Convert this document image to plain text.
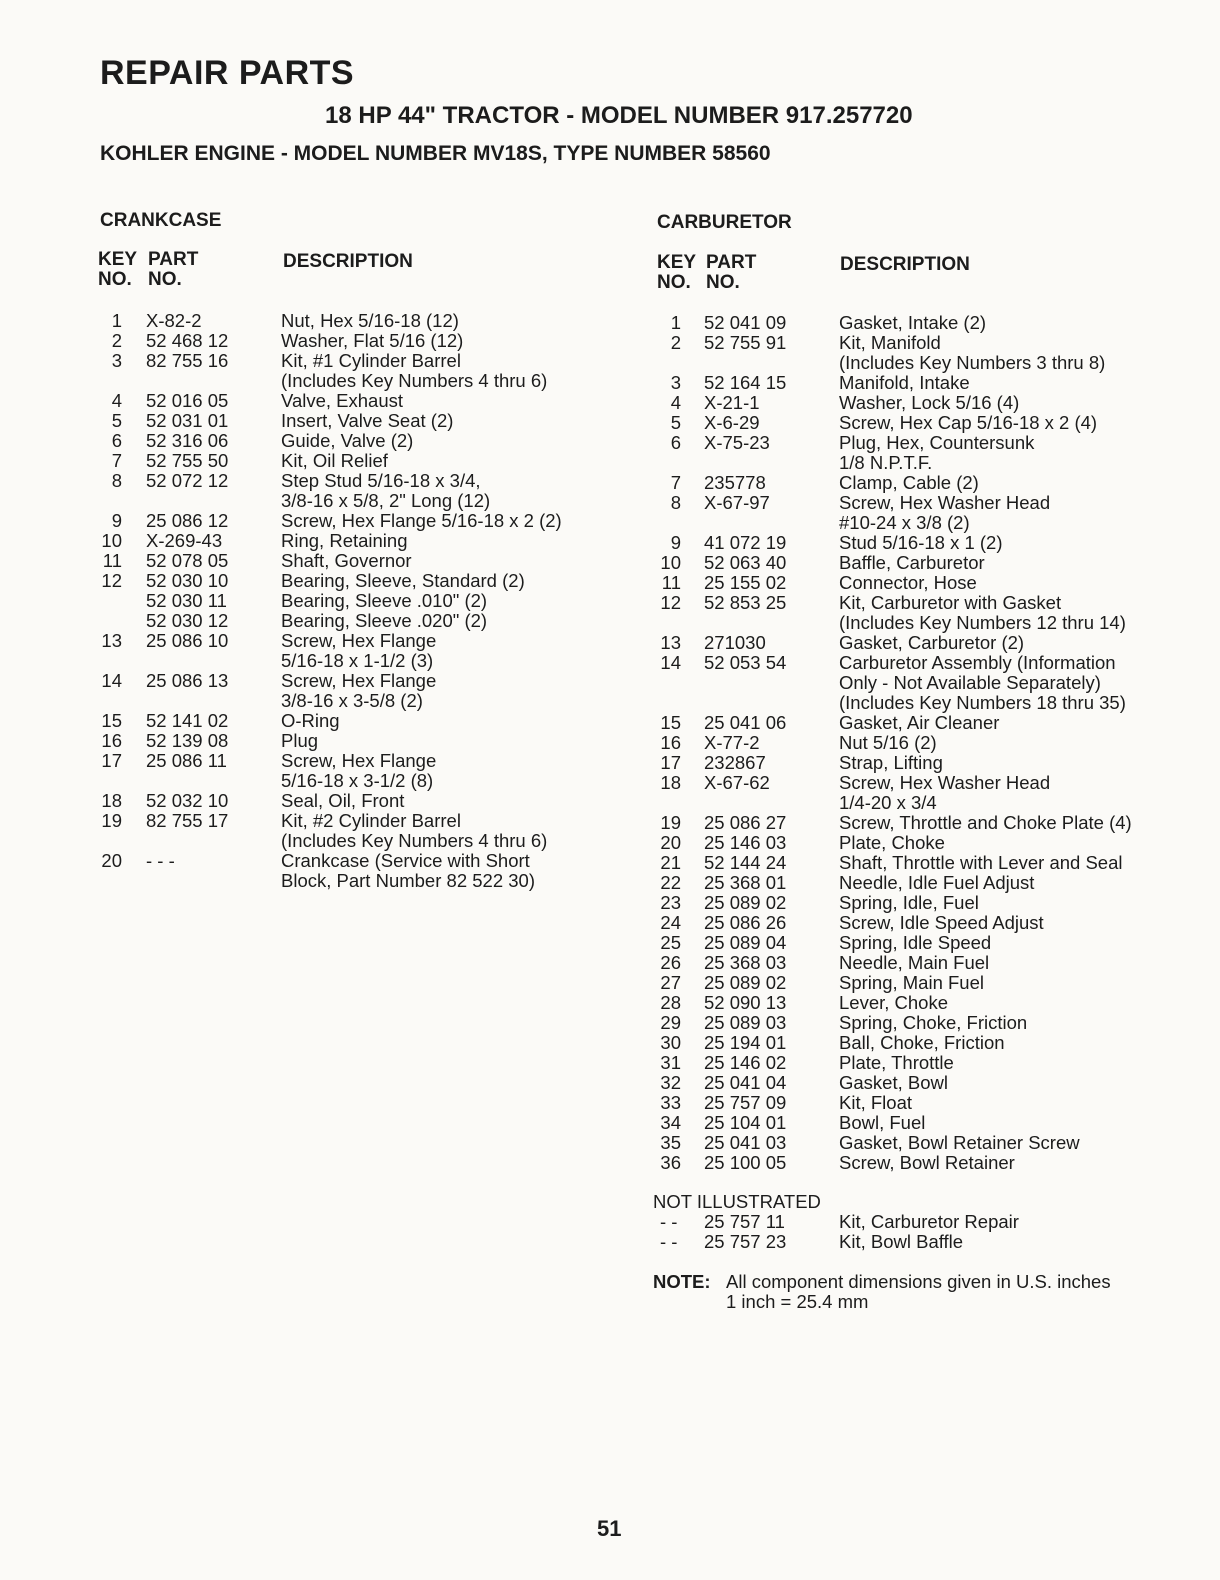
REPAIR PARTS
18 HP 44" TRACTOR - MODEL NUMBER 917.257720
KOHLER ENGINE - MODEL NUMBER MV18S, TYPE NUMBER 58560
CRANKCASE
KEY
NO.
PART
NO.
DESCRIPTION
1 X-82-2	Nut, Hex 5/16-18 (12)
2 52 468 12	Washer, Flat 5/16 (12)
3 82 755 16	Kit, #1 Cylinder Barrel
(Includes Key Numbers 4 thru 6)
4 52 016 05	Valve, Exhaust
5 52 031 01	Insert, Valve Seat (2)
6 52 316 06	Guide, Valve (2)
7 52 755 50	Kit, Oil Relief
8 52 072 12	Step Stud 5/16-18 x 3/4,
3/8-16 x 5/8, 2" Long (12)
9 25 086 12	Screw, Hex Flange 5/16-18 x 2 (2)
10 X-269-43	Ring, Retaining
11 52 078 05	Shaft, Governor
12 52 030 10	Bearing, Sleeve, Standard (2)
52 030 11	Bearing, Sleeve .010" (2)
52 030 12	Bearing, Sleeve .020" (2)
13 25 086 10	Screw, Hex Flange
5/16-18 x 1-1/2 (3)
14 25 086 13	Screw, Hex Flange
3/8-16 x 3-5/8 (2)
15 52 141 02	O-Ring
16 52 139 08	Plug
17 25 086 11	Screw, Hex Flange
5/16-18 x 3-1/2 (8)
18 52 032 10	Seal, Oil, Front
19 82 755 17	Kit, #2 Cylinder Barrel
(Includes Key Numbers 4 thru 6)
20 - - -	Crankcase (Service with Short
Block, Part Number 82 522 30)
CARBURETOR
KEY
NO.
PART
NO.
DESCRIPTION
1 52 041 09	Gasket, Intake (2)
2 52 755 91	Kit, Manifold
(Includes Key Numbers 3 thru 8)
3 52 164 15	Manifold, Intake
4 X-21-1	Washer, Lock 5/16 (4)
5 X-6-29	Screw, Hex Cap 5/16-18 x 2 (4)
6 X-75-23	Plug, Hex, Countersunk
1/8 N.P.T.F.
7 235778	Clamp, Cable (2)
8 X-67-97	Screw, Hex Washer Head
#10-24 x 3/8 (2)
9 41 072 19	Stud 5/16-18 x 1 (2)
10 52 063 40	Baffle, Carburetor
11 25 155 02	Connector, Hose
12 52 853 25	Kit, Carburetor with Gasket
(Includes Key Numbers 12 thru 14)
13 271030	Gasket, Carburetor (2)
14 52 053 54	Carburetor Assembly (Information
Only - Not Available Separately)
(Includes Key Numbers 18 thru 35)
15 25 041 06	Gasket, Air Cleaner
16 X-77-2	Nut 5/16 (2)
17 232867	Strap, Lifting
18 X-67-62	Screw, Hex Washer Head
1/4-20 x 3/4
19 25 086 27	Screw, Throttle and Choke Plate (4)
20 25 146 03	Plate, Choke
21 52 144 24	Shaft, Throttle with Lever and Seal
22 25 368 01	Needle, Idle Fuel Adjust
23 25 089 02	Spring, Idle, Fuel
24 25 086 26	Screw, Idle Speed Adjust
25 25 089 04	Spring, Idle Speed
26 25 368 03	Needle, Main Fuel
27 25 089 02	Spring, Main Fuel
28 52 090 13	Lever, Choke
29 25 089 03	Spring, Choke, Friction
30 25 194 01	Ball, Choke, Friction
31 25 146 02	Plate, Throttle
32 25 041 04	Gasket, Bowl
33 25 757 09	Kit, Float
34 25 104 01	Bowl, Fuel
35 25 041 03	Gasket, Bowl Retainer Screw
36 25 100 05	Screw, Bowl Retainer
NOT ILLUSTRATED
- - 25 757 11	Kit, Carburetor Repair
- - 25 757 23	Kit, Bowl Baffle
NOTE: All component dimensions given in U.S. inches
1 inch = 25.4 mm
51
